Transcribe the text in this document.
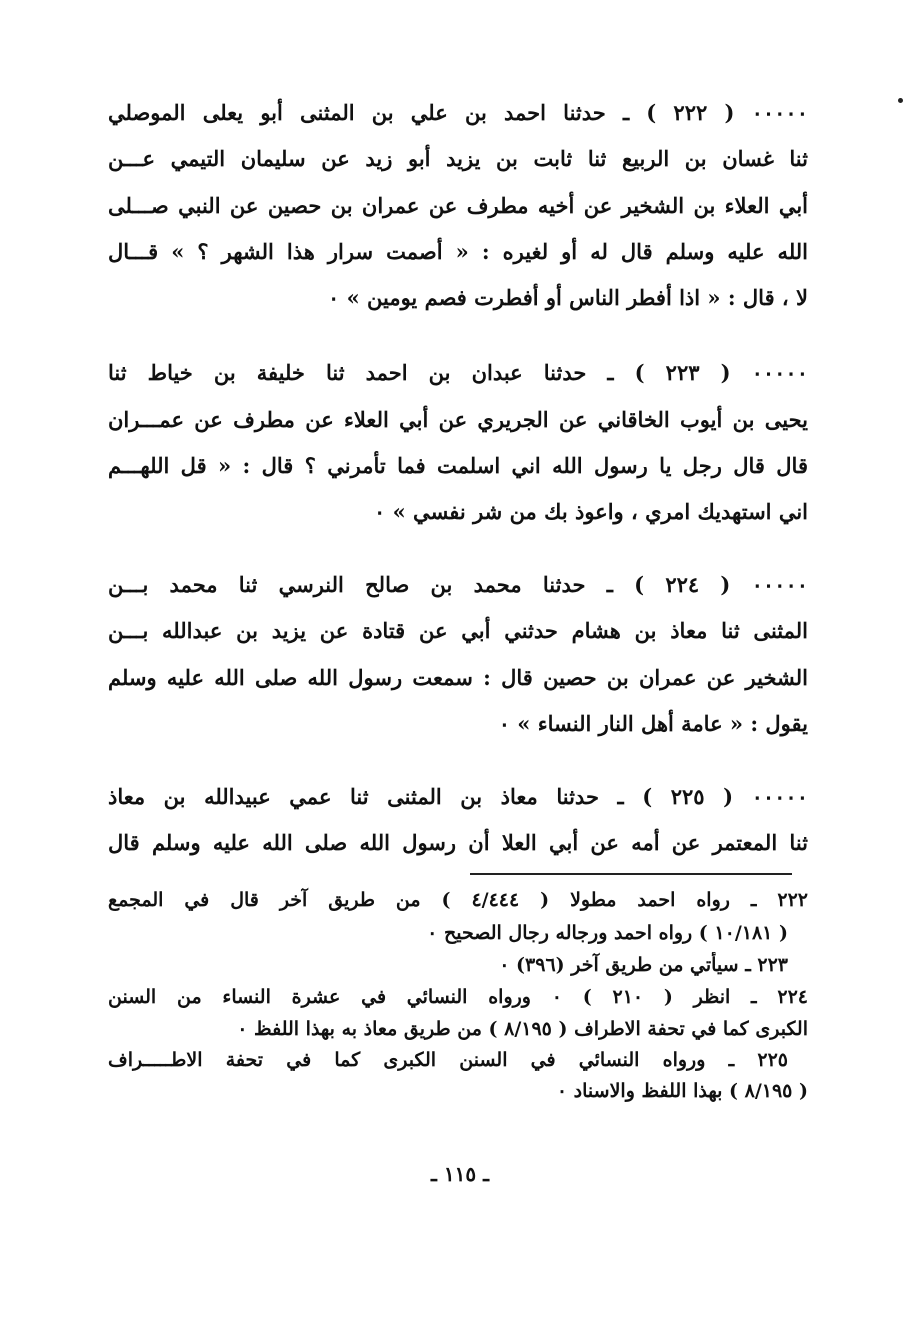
٠٠٠٠٠ ( ٢٢٢ ) ـ حدثنا احمد بن علي بن المثنى أبو يعلى الموصلي
ثنا غسان بن الربيع ثنا ثابت بن يزيد أبو زيد عن سليمان التيمي عـــن
أبي العلاء بن الشخير عن أخيه مطرف عن عمران بن حصين عن النبي صـــلى
الله عليه وسلم قال له أو لغيره : « أصمت سرار هذا الشهر ؟ » قـــال
لا ، قال : « اذا أفطر الناس أو أفطرت فصم يومين » ٠
٠٠٠٠٠ ( ٢٢٣ ) ـ حدثنا عبدان بن احمد ثنا خليفة بن خياط ثنا
يحيى بن أيوب الخاقاني عن الجريري عن أبي العلاء عن مطرف عن عمـــران
قال قال رجل يا رسول الله اني اسلمت فما تأمرني ؟ قال : « قل اللهـــم
اني استهديك امري ، واعوذ بك من شر نفسي » ٠
٠٠٠٠٠ ( ٢٢٤ ) ـ حدثنا محمد بن صالح النرسي ثنا محمد بـــن
المثنى ثنا معاذ بن هشام حدثني أبي عن قتادة عن يزيد بن عبدالله بـــن
الشخير عن عمران بن حصين قال : سمعت رسول الله صلى الله عليه وسلم
يقول : « عامة أهل النار النساء » ٠
٠٠٠٠٠ ( ٢٢٥ ) ـ حدثنا معاذ بن المثنى ثنا عمي عبيدالله بن معاذ
ثنا المعتمر عن أمه عن أبي العلا أن رسول الله صلى الله عليه وسلم قال
٢٢٢ ـ رواه احمد مطولا ( ٤/٤٤٤ ) من طريق آخر قال في المجمع
( ١٠/١٨١ ) رواه احمد ورجاله رجال الصحيح ٠
٢٢٣ ـ سيأتي من طريق آخر (٣٩٦) ٠
٢٢٤ ـ انظر ( ٢١٠ ) ٠ ورواه النسائي في عشرة النساء من السنن
الكبرى كما في تحفة الاطراف ( ٨/١٩٥ ) من طريق معاذ به بهذا اللفظ ٠
٢٢٥ ـ ورواه النسائي في السنن الكبرى كما في تحفة الاطـــــراف
( ٨/١٩٥ ) بهذا اللفظ والاسناد ٠
ـ ١١٥ ـ
